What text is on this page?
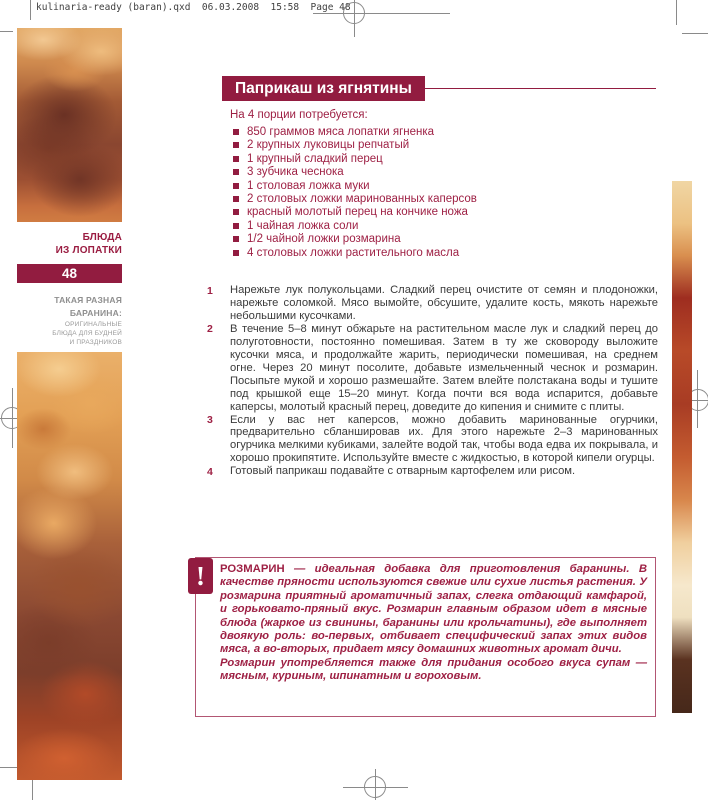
kulinaria-ready (baran).qxd  06.03.2008  15:58  Page 48
БЛЮДА
ИЗ ЛОПАТКИ
48
ТАКАЯ РАЗНАЯ
БАРАНИНА:
ОРИГИНАЛЬНЫЕ
БЛЮДА ДЛЯ БУДНЕЙ
И ПРАЗДНИКОВ
Паприкаш из ягнятины
На 4 порции потребуется:
850 граммов мяса лопатки ягненка
2 крупных луковицы репчатый
1 крупный сладкий перец
3 зубчика чеснока
1 столовая ложка муки
2 столовых ложки маринованных каперсов
красный молотый перец на кончике ножа
1 чайная ложка соли
1/2 чайной ложки розмарина
4 столовых ложки растительного масла
1	Нарежьте лук полукольцами. Сладкий перец очистите от семян и плодоножки, нарежьте соломкой. Мясо вымойте, обсушите, удалите кость, мякоть нарежьте небольшими кусочками.
2	В течение 5–8 минут обжарьте на растительном масле лук и сладкий перец до полуготовности, постоянно помешивая. Затем в ту же сковороду выложите кусочки мяса, и продолжайте жарить, периодически помешивая, на среднем огне. Через 20 минут посолите, добавьте измельченный чеснок и розмарин. Посыпьте мукой и хорошо размешайте. Затем влейте полстакана воды и тушите под крышкой еще 15–20 минут. Когда почти вся вода испарится, добавьте каперсы, молотый красный перец, доведите до кипения и снимите с плиты.
3	Если у вас нет каперсов, можно добавить маринованные огурчики, предварительно сбланшировав их. Для этого нарежьте 2–3 маринованных огурчика мелкими кубиками, залейте водой так, чтобы вода едва их покрывала, и хорошо прокипятите. Используйте вместе с жидкостью, в которой кипели огурцы.
4	Готовый паприкаш подавайте с отварным картофелем или рисом.

РОЗМАРИН — идеальная добавка для приготовления баранины. В качестве пряности используются свежие или сухие листья растения. У розмарина приятный ароматичный запах, слегка отдающий камфарой, и горьковато-пряный вкус. Розмарин главным образом идет в мясные блюда (жаркое из свинины, баранины или крольчатины), где выполняет двоякую роль: во-первых, отбивает специфический запах этих видов мяса, а во-вторых, придает мясу домашних животных аромат дичи.

Розмарин употребляется также для придания особого вкуса супам — мясным, куриным, шпинатным и гороховым.

!
